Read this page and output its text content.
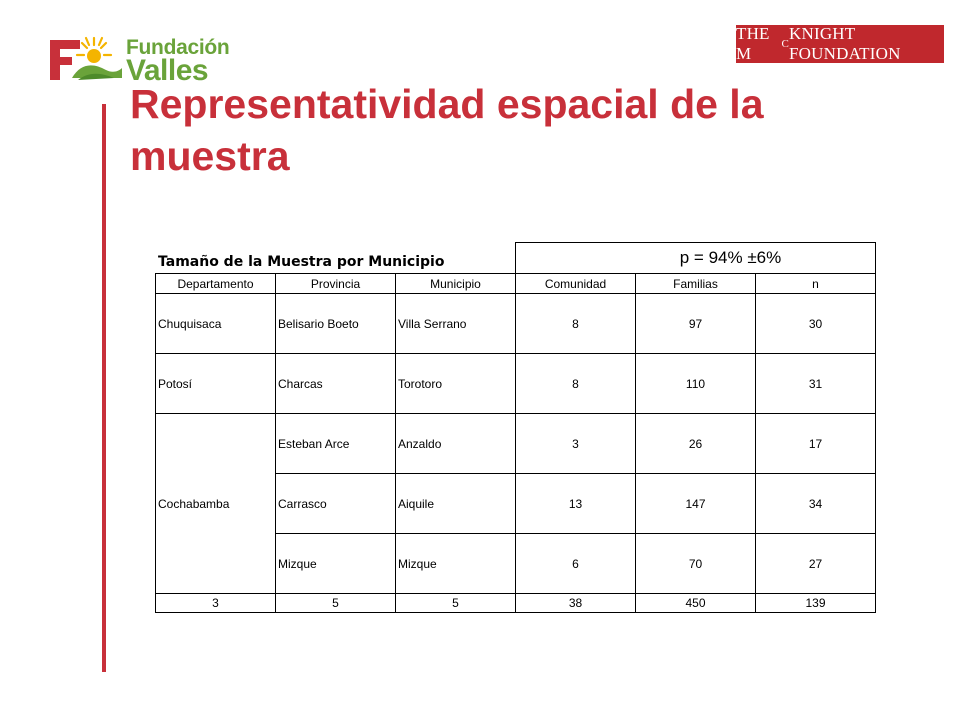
Fundación
Valles
THE M	C
KNIGHT FOUNDATION
Representatividad espacial de la muestra
			p = 94% ±6%		
Departamento	Provincia	Municipio	Comunidad	Familias	n
Chuquisaca	Belisario Boeto	Villa Serrano	8	97	30
Potosí	Charcas	Torotoro	8	110	31
Cochabamba	Esteban Arce	Anzaldo	3	26	17
	Carrasco	Aiquile	13	147	34
	Mizque	Mizque	6	70	27
3	5	5	38	450	139
Tamaño de la Muestra por Municipio
